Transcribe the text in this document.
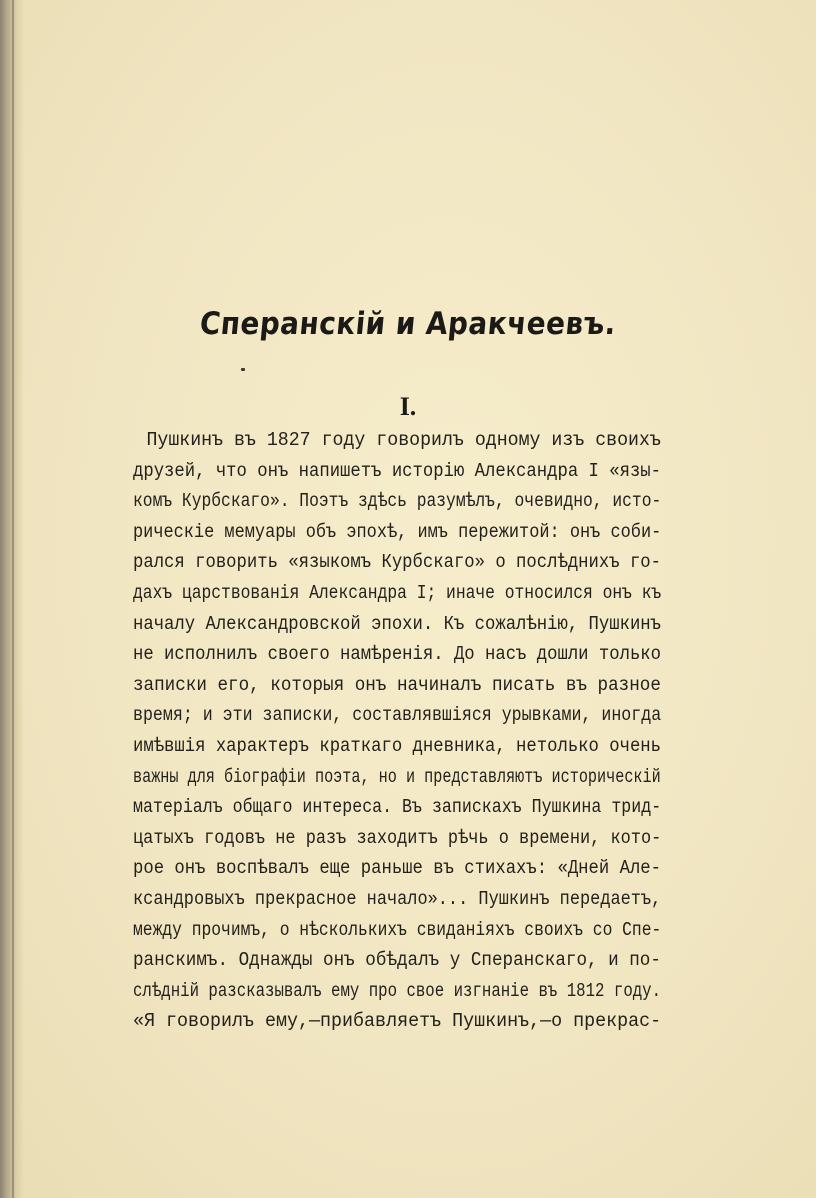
Сперанскій и Аракчеевъ.
I.
Пушкинъ въ 1827 году говорилъ одному изъ своихъ
друзей, что онъ напишетъ исторію Александра I «язы-
комъ Курбскаго». Поэтъ здѣсь разумѣлъ, очевидно, исто-
рическіе мемуары объ эпохѣ, имъ пережитой: онъ соби-
рался говорить «языкомъ Курбскаго» о послѣднихъ го-
дахъ царствованія Александра I; иначе относился онъ къ
началу Александровской эпохи. Къ сожалѣнію, Пушкинъ
не исполнилъ своего намѣренія. До насъ дошли только
записки его, которыя онъ начиналъ писать въ разное
время; и эти записки, составлявшіяся урывками, иногда
имѣвшія характеръ краткаго дневника, нетолько очень
важны для біографіи поэта, но и представляютъ историческій
матеріалъ общаго интереса. Въ запискахъ Пушкина трид-
цатыхъ годовъ не разъ заходитъ рѣчь о времени, кото-
рое онъ воспѣвалъ еще раньше въ стихахъ: «Дней Але-
ксандровыхъ прекрасное начало»... Пушкинъ передаетъ,
между прочимъ, о нѣсколькихъ свиданіяхъ своихъ со Спе-
ранскимъ. Однажды онъ обѣдалъ у Сперанскаго, и по-
слѣдній разсказывалъ ему про свое изгнаніе въ 1812 году.
«Я говорилъ ему,—прибавляетъ Пушкинъ,—о прекрас-
